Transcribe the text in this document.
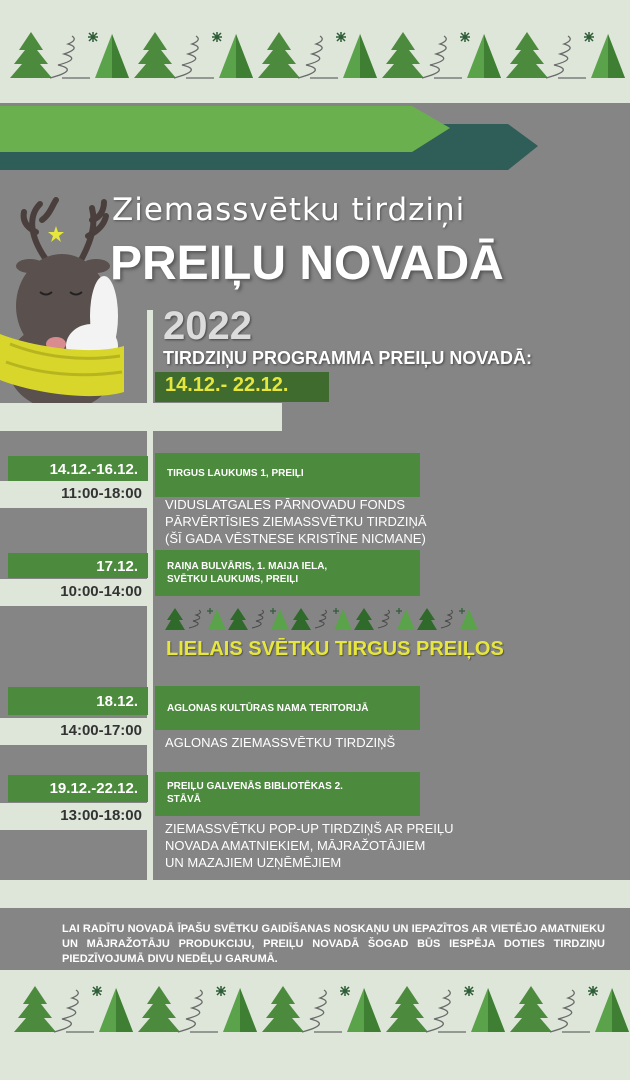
Ziemassvētku tirdziņi
PREIĻU NOVADĀ
2022
TIRDZIŅU PROGRAMMA PREIĻU NOVADĀ:
14.12.- 22.12.
14.12.-16.12.	TIRGUS LAUKUMS 1, PREIĻI
11:00-18:00
VIDUSLATGALES PĀRNOVADU FONDS
PĀRVĒRTĪSIES ZIEMASSVĒTKU TIRDZIŅĀ
(ŠĪ GADA VĒSTNESE KRISTĪNE NICMANE)
17.12.	RAIŅA BULVĀRIS, 1. MAIJA IELA,
SVĒTKU LAUKUMS, PREIĻI
10:00-14:00
LIELAIS SVĒTKU TIRGUS PREIĻOS
18.12.	AGLONAS KULTŪRAS NAMA TERITORIJĀ
14:00-17:00
AGLONAS ZIEMASSVĒTKU TIRDZIŅŠ
19.12.-22.12.	PREIĻU GALVENĀS BIBLIOTĒKAS 2.
STĀVĀ
13:00-18:00
ZIEMASSVĒTKU POP-UP TIRDZIŅŠ AR PREIĻU
NOVADA AMATNIEKIEM, MĀJRAŽOTĀJIEM
UN MAZAJIEM UZŅĒMĒJIEM
LAI RADĪTU NOVADĀ ĪPAŠU SVĒTKU GAIDĪŠANAS NOSKAŅU UN IEPAZĪTOS AR VIETĒJO AMATNIEKU UN MĀJRAŽOTĀJU PRODUKCIJU, PREIĻU NOVADĀ ŠOGAD BŪS IESPĒJA DOTIES TIRDZIŅU PIEDZĪVOJUMĀ DIVU NEDĒĻU GARUMĀ.
